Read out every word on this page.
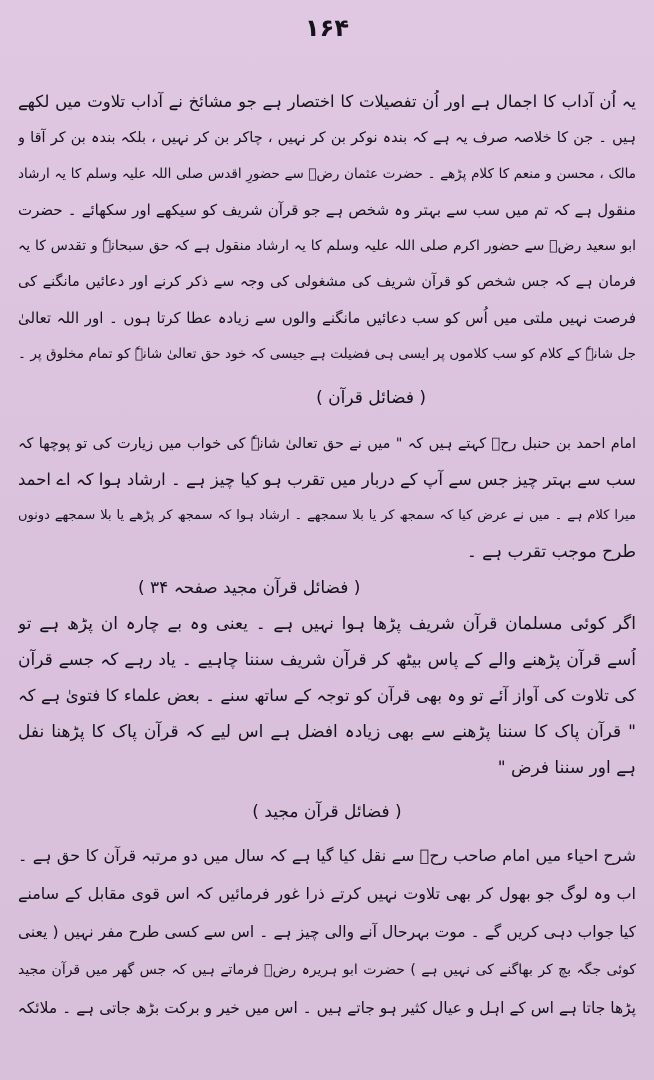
۱۶۴
یہ اُن آداب کا اجمال ہے اور اُن تفصیلات کا اختصار ہے جو مشائخ نے آداب تلاوت میں لکھے
ہیں ۔ جن کا خلاصہ صرف یہ ہے کہ بندہ نوکر بن کر نہیں ، چاکر بن کر نہیں ، بلکہ بندہ بن کر آقا و
مالک ، محسن و منعم کا کلام پڑھے ۔ حضرت عثمان رضؓ سے حضورِ اقدس صلی اللہ علیہ وسلم کا یہ ارشاد
منقول ہے کہ تم میں سب سے بہتر وہ شخص ہے جو قرآن شریف کو سیکھے اور سکھائے ۔ حضرت
ابو سعید رضؓ سے حضور اکرم صلی اللہ علیہ وسلم کا یہ ارشاد منقول ہے کہ حق سبحانہٗ و تقدس کا یہ
فرمان ہے کہ جس شخص کو قرآن شریف کی مشغولی کی وجہ سے ذکر کرنے اور دعائیں مانگنے کی
فرصت نہیں ملتی میں اُس کو سب دعائیں مانگنے والوں سے زیادہ عطا کرتا ہوں ۔ اور اللہ تعالیٰ
جل شانہٗ کے کلام کو سب کلاموں پر ایسی ہی فضیلت ہے جیسی کہ خود حق تعالیٰ شانہٗ کو تمام مخلوق پر ۔
( فضائل قرآن )
امام احمد بن حنبل رحؒ کہتے ہیں کہ " میں نے حق تعالیٰ شانہٗ کی خواب میں زیارت کی تو پوچھا کہ
سب سے بہتر چیز جس سے آپ کے دربار میں تقرب ہو کیا چیز ہے ۔ ارشاد ہوا کہ اے احمد
میرا کلام ہے ۔ میں نے عرض کیا کہ سمجھ کر یا بلا سمجھے ۔ ارشاد ہوا کہ سمجھ کر پڑھے یا بلا سمجھے دونوں
طرح موجب تقرب ہے ۔
( فضائل قرآن مجید صفحہ ۳۴ )
اگر کوئی مسلمان قرآن شریف پڑھا ہوا نہیں ہے ۔ یعنی وہ بے چارہ ان پڑھ ہے تو
اُسے قرآن پڑھنے والے کے پاس بیٹھ کر قرآن شریف سننا چاہیے ۔ یاد رہے کہ جسے قرآن
کی تلاوت کی آواز آئے تو وہ بھی قرآن کو توجہ کے ساتھ سنے ۔ بعض علماء کا فتویٰ ہے کہ
" قرآن پاک کا سننا پڑھنے سے بھی زیادہ افضل ہے اس لیے کہ قرآن پاک کا پڑھنا نفل
ہے اور سننا فرض "
( فضائل قرآن مجید )
شرح احیاء میں امام صاحب رحؒ سے نقل کیا گیا ہے کہ سال میں دو مرتبہ قرآن کا حق ہے ۔
اب وہ لوگ جو بھول کر بھی تلاوت نہیں کرتے ذرا غور فرمائیں کہ اس قوی مقابل کے سامنے
کیا جواب دہی کریں گے ۔ موت بہرحال آنے والی چیز ہے ۔ اس سے کسی طرح مفر نہیں ( یعنی
کوئی جگہ بچ کر بھاگنے کی نہیں ہے ) حضرت ابو ہریرہ رضؓ فرماتے ہیں کہ جس گھر میں قرآن مجید
پڑھا جاتا ہے اس کے اہل و عیال کثیر ہو جاتے ہیں ۔ اس میں خیر و برکت بڑھ جاتی ہے ۔ ملائکہ
